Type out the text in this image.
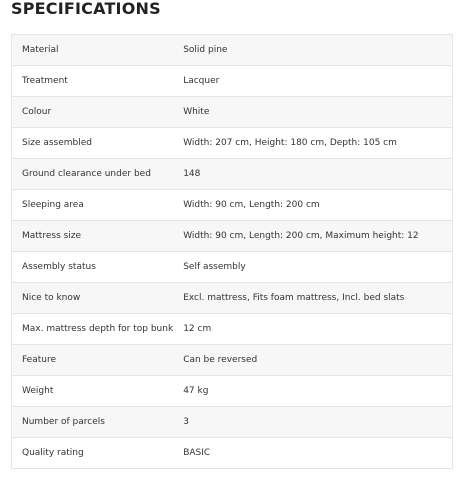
SPECIFICATIONS
Material	Solid pine
Treatment	Lacquer
Colour	White
Size assembled	Width: 207 cm, Height: 180 cm, Depth: 105 cm
Ground clearance under bed	148
Sleeping area	Width: 90 cm, Length: 200 cm
Mattress size	Width: 90 cm, Length: 200 cm, Maximum height: 12
Assembly status	Self assembly
Nice to know	Excl. mattress, Fits foam mattress, Incl. bed slats
Max. mattress depth for top bunk	12 cm
Feature	Can be reversed
Weight	47 kg
Number of parcels	3
Quality rating	BASIC
